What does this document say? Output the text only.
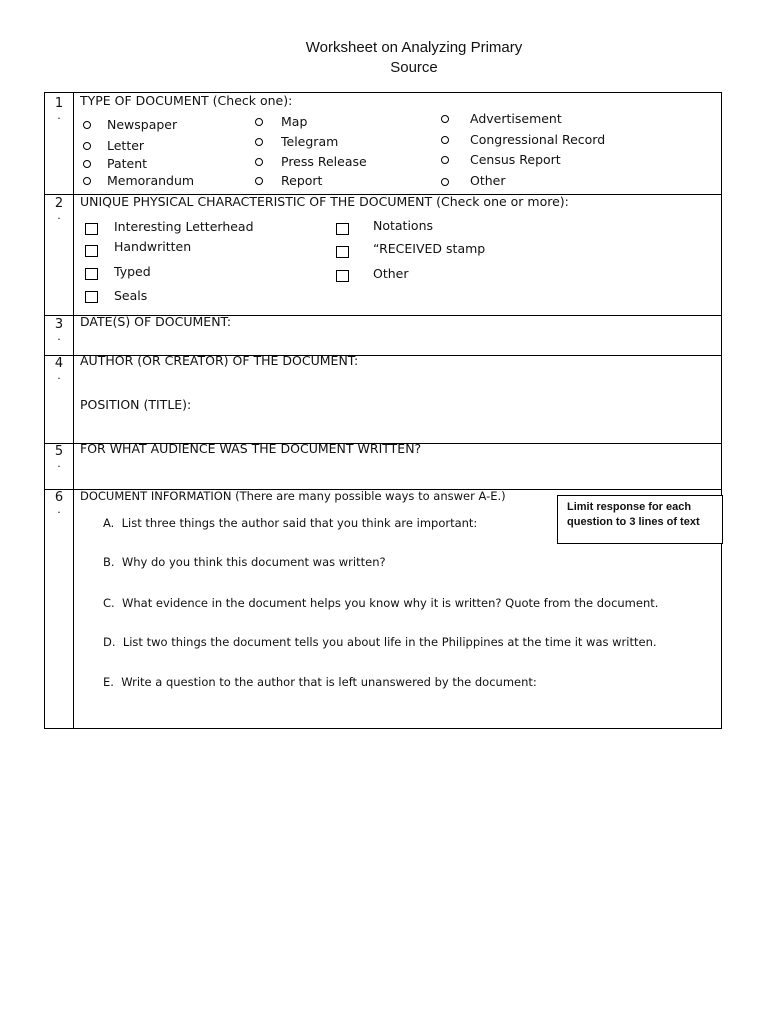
Worksheet on Analyzing Primary
Source
1
.
TYPE OF DOCUMENT (Check one):
Newspaper
Letter
Patent
Memorandum
Map
Telegram
Press Release
Report
Advertisement
Congressional Record
Census Report
Other
2
.
UNIQUE PHYSICAL CHARACTERISTIC OF THE DOCUMENT (Check one or more):
Interesting Letterhead
Handwritten
Typed
Seals
Notations
“RECEIVED stamp
Other
3
.
DATE(S) OF DOCUMENT:
4
.
AUTHOR (OR CREATOR) OF THE DOCUMENT:
POSITION (TITLE):
5
.
FOR WHAT AUDIENCE WAS THE DOCUMENT WRITTEN?
6
.
DOCUMENT INFORMATION (There are many possible ways to answer A-E.)
A. List three things the author said that you think are important:
B. Why do you think this document was written?
C. What evidence in the document helps you know why it is written? Quote from the document.
D. List two things the document tells you about life in the Philippines at the time it was written.
E. Write a question to the author that is left unanswered by the document:
Limit response for each
question to 3 lines of text
